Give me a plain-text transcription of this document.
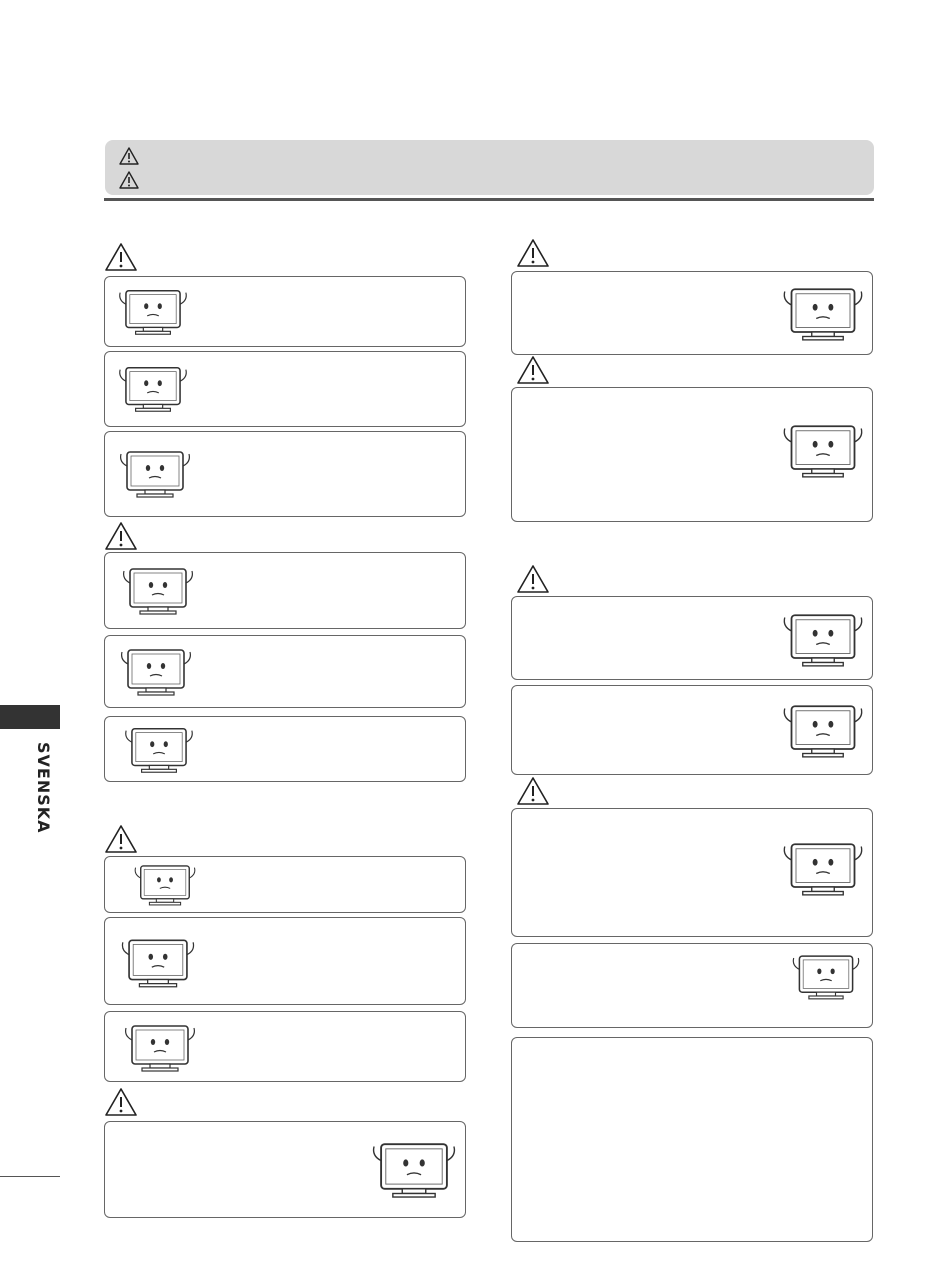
SVENSKA
